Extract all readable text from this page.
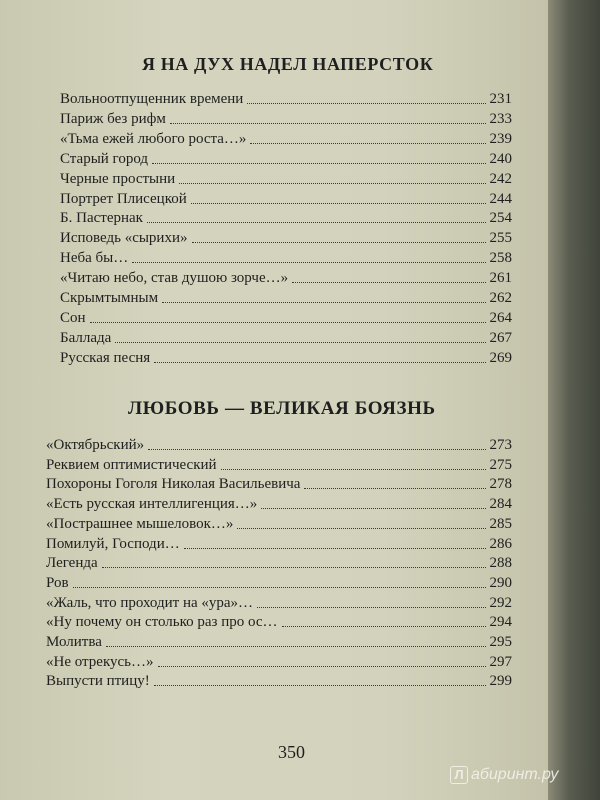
Я НА ДУХ НАДЕЛ НАПЕРСТОК
Вольноотпущенник времени	231
Париж без рифм	233
«Тьма ежей любого роста…»	239
Старый город	240
Черные простыни	242
Портрет Плисецкой	244
Б. Пастернак	254
Исповедь «сырихи»	255
Неба бы…	258
«Читаю небо, став душою зорче…»	261
Скрымтымным	262
Сон	264
Баллада	267
Русская песня	269
ЛЮБОВЬ — ВЕЛИКАЯ БОЯЗНЬ
«Октябрьский»	273
Реквием оптимистический	275
Похороны Гоголя Николая Васильевича	278
«Есть русская интеллигенция…»	284
«Пострашнее мышеловок…»	285
Помилуй, Господи…	286
Легенда	288
Ров	290
«Жаль, что проходит на «ура»…	292
«Ну почему он столько раз про ос…	294
Молитва	295
«Не отрекусь…»	297
Выпусти птицу!	299
350
Л абиринт.ру
